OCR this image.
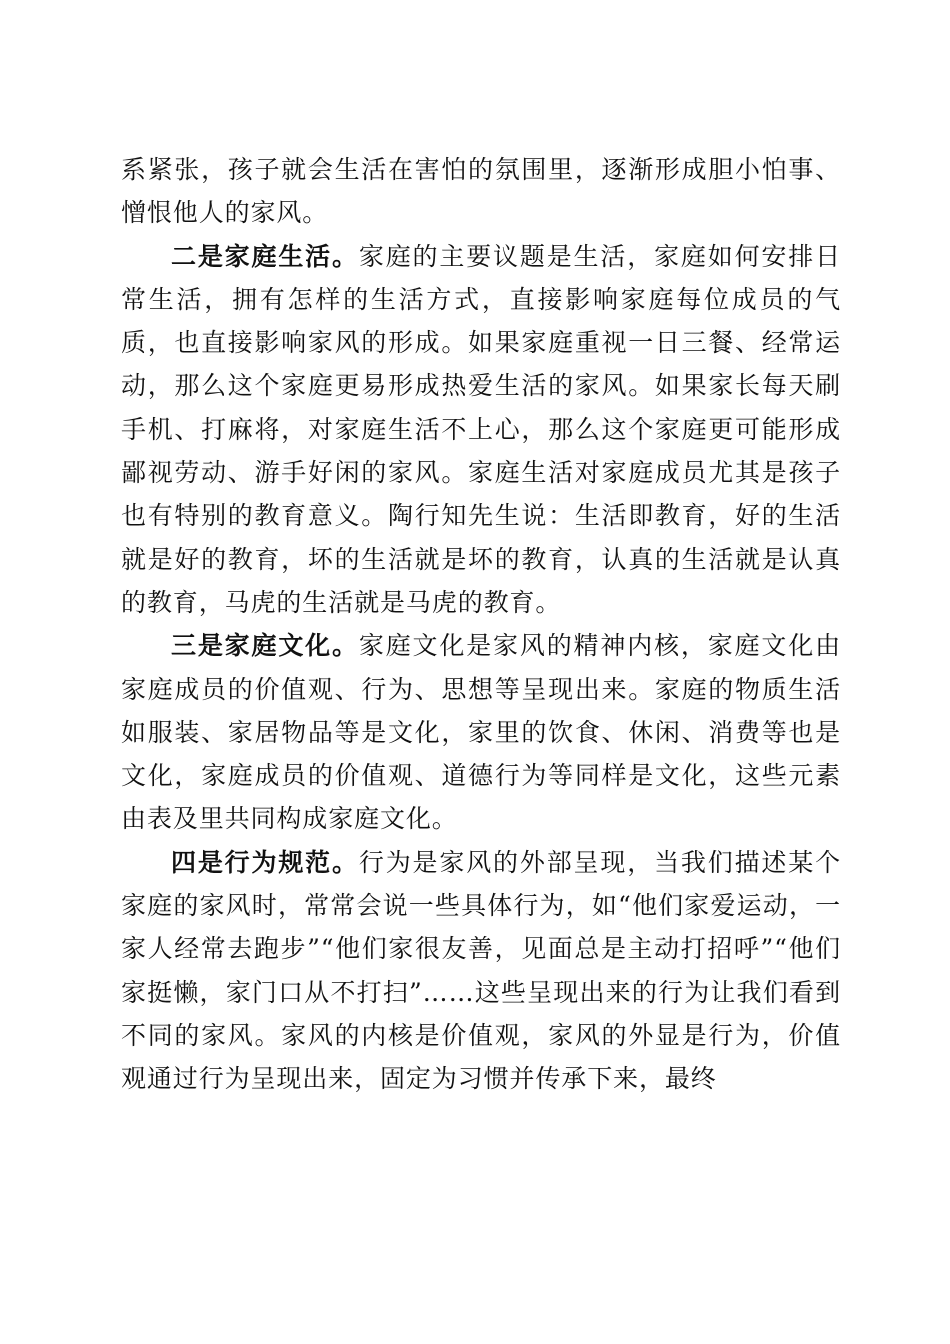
系紧张，孩子就会生活在害怕的氛围里，逐渐形成胆小怕事、憎恨他人的家风。

二是家庭生活。家庭的主要议题是生活，家庭如何安排日常生活，拥有怎样的生活方式，直接影响家庭每位成员的气质，也直接影响家风的形成。如果家庭重视一日三餐、经常运动，那么这个家庭更易形成热爱生活的家风。如果家长每天刷手机、打麻将，对家庭生活不上心，那么这个家庭更可能形成鄙视劳动、游手好闲的家风。家庭生活对家庭成员尤其是孩子也有特别的教育意义。陶行知先生说：生活即教育，好的生活就是好的教育，坏的生活就是坏的教育，认真的生活就是认真的教育，马虎的生活就是马虎的教育。

三是家庭文化。家庭文化是家风的精神内核，家庭文化由家庭成员的价值观、行为、思想等呈现出来。家庭的物质生活如服装、家居物品等是文化，家里的饮食、休闲、消费等也是文化，家庭成员的价值观、道德行为等同样是文化，这些元素由表及里共同构成家庭文化。

四是行为规范。行为是家风的外部呈现，当我们描述某个家庭的家风时，常常会说一些具体行为，如“他们家爱运动，一家人经常去跑步”“他们家很友善，见面总是主动打招呼”“他们家挺懒，家门口从不打扫”……这些呈现出来的行为让我们看到不同的家风。家风的内核是价值观，家风的外显是行为，价值观通过行为呈现出来，固定为习惯并传承下来，最终
